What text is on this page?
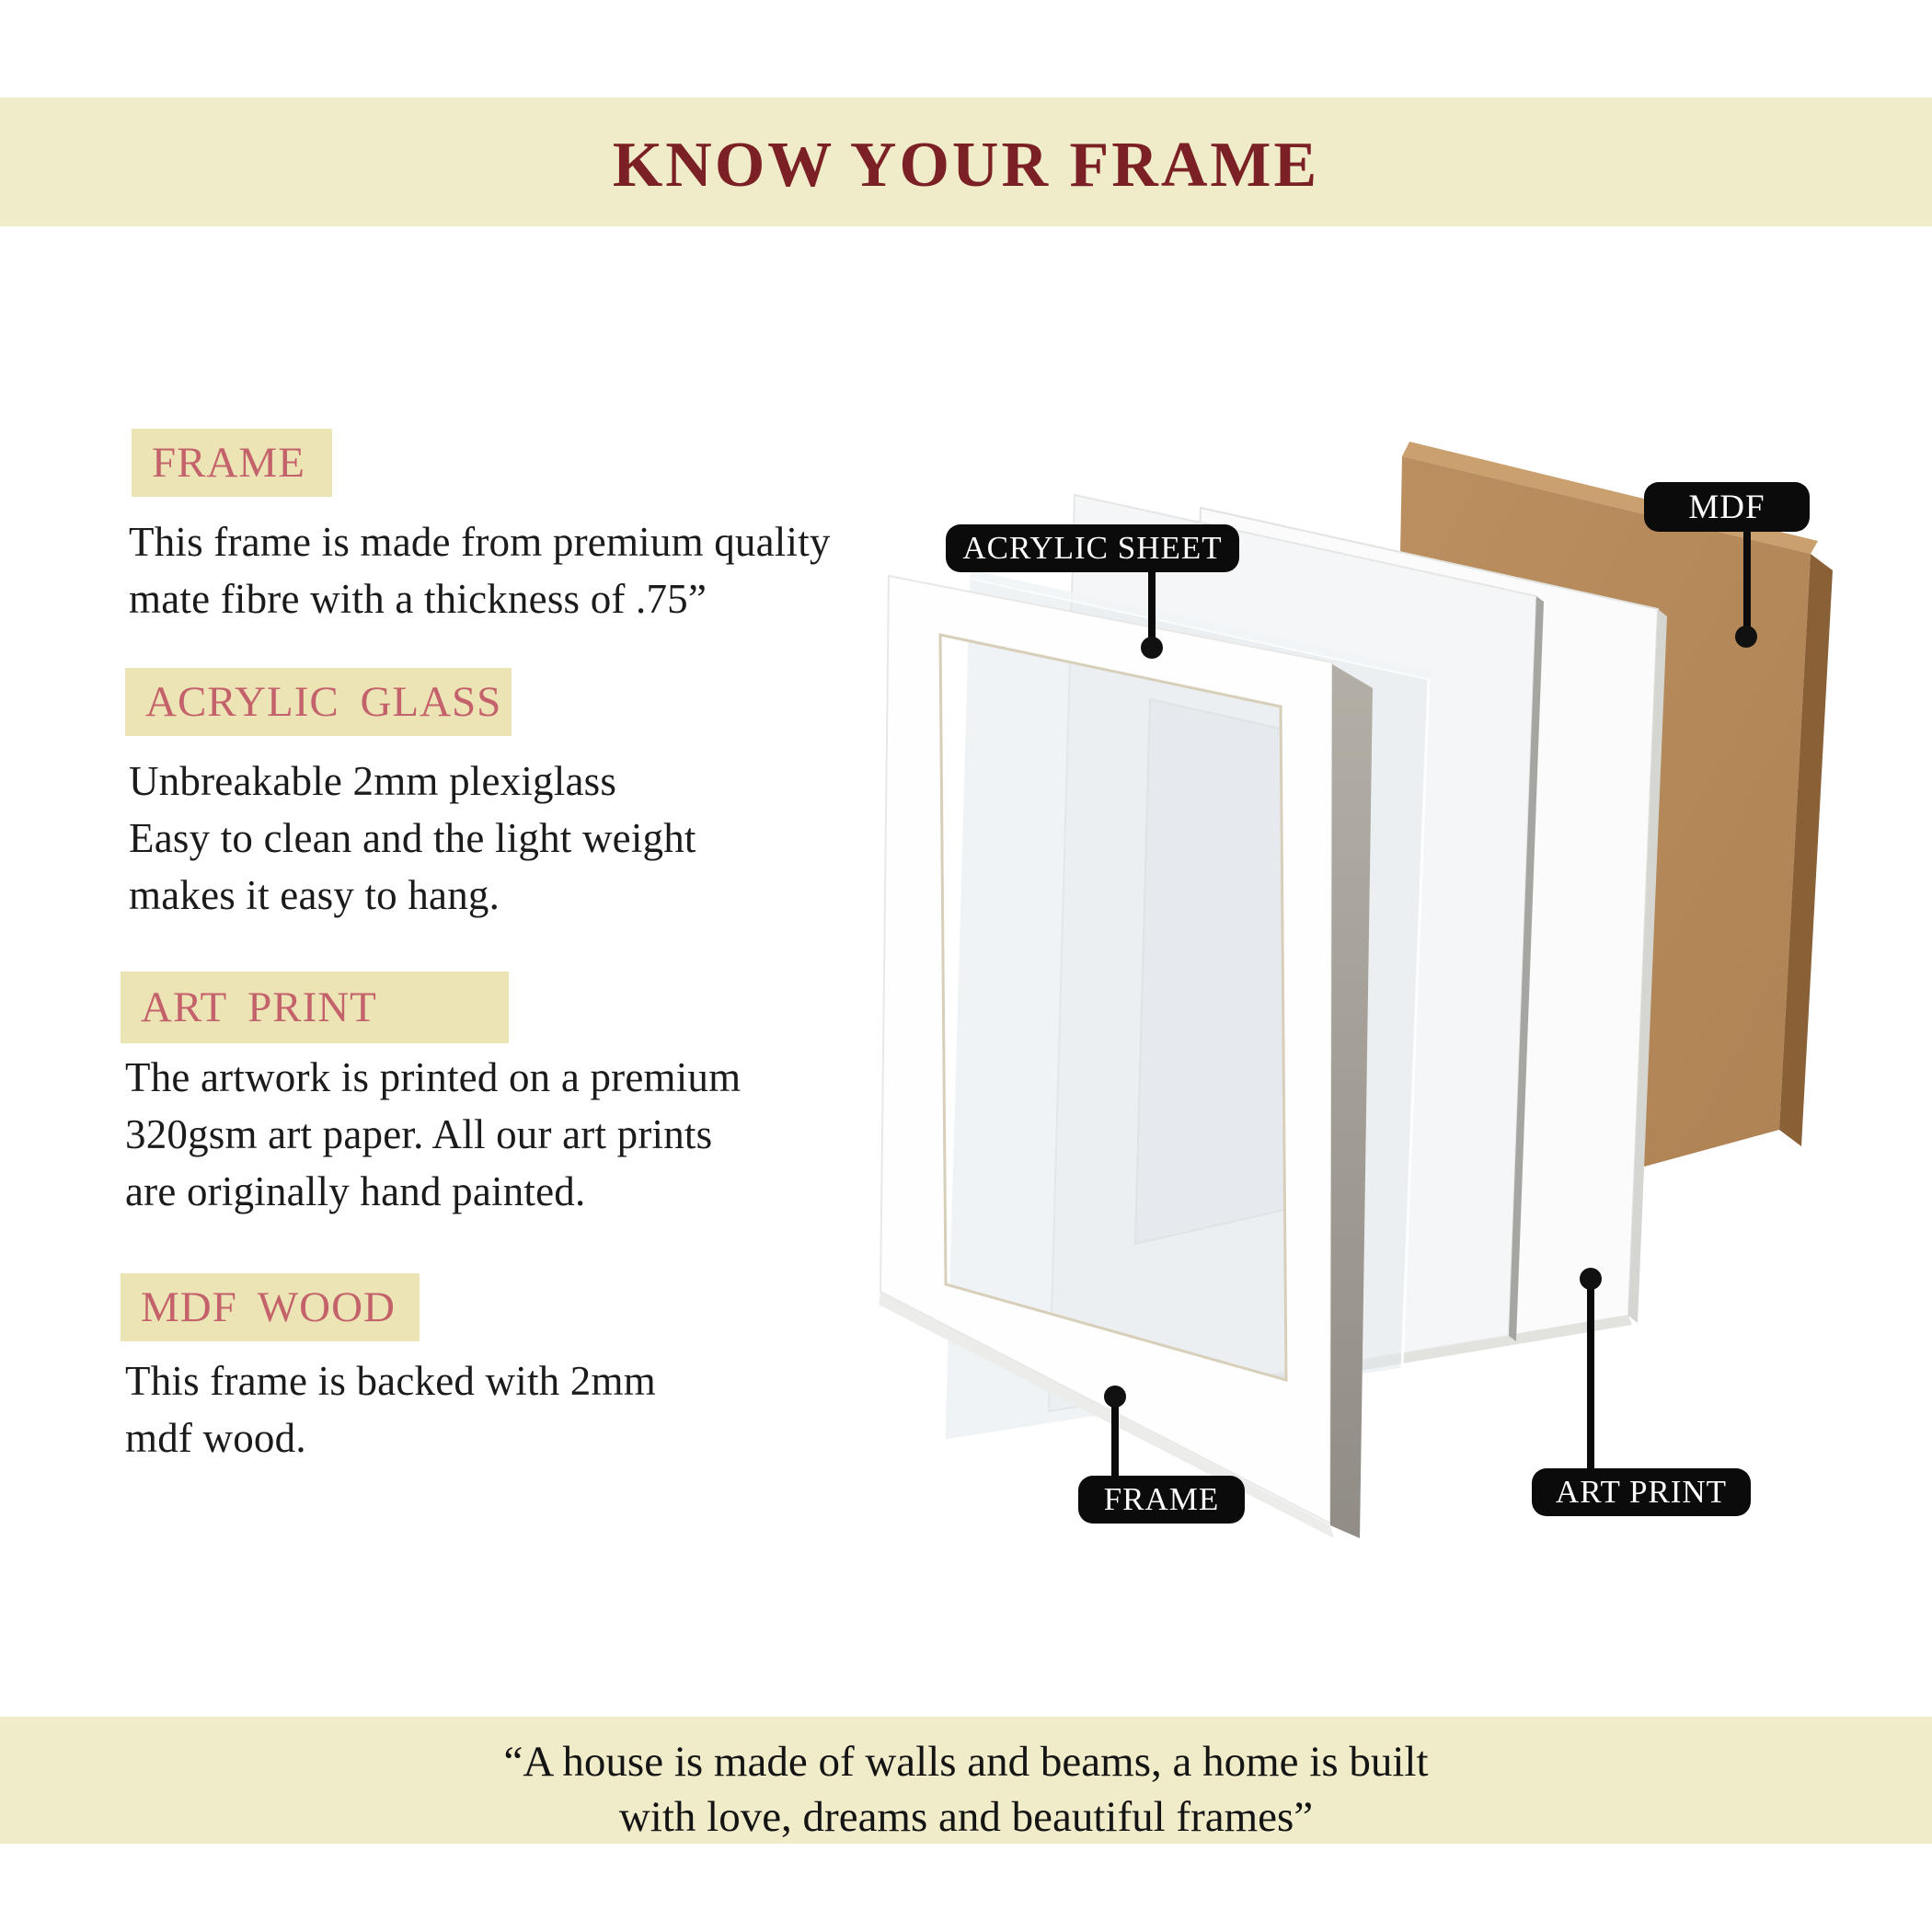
KNOW YOUR FRAME
FRAME
This frame is made from premium quality
mate fibre with a thickness of .75”
ACRYLIC GLASS
Unbreakable 2mm plexiglass
Easy to clean and the light weight
makes it easy to hang.
ART PRINT
The artwork is printed on a premium
320gsm art paper. All our art prints
are originally hand painted.
MDF WOOD
This frame is backed with 2mm
mdf wood.
ACRYLIC SHEET
MDF
FRAME	ART PRINT
“A house is made of walls and beams, a home is built
with love, dreams and beautiful frames”
